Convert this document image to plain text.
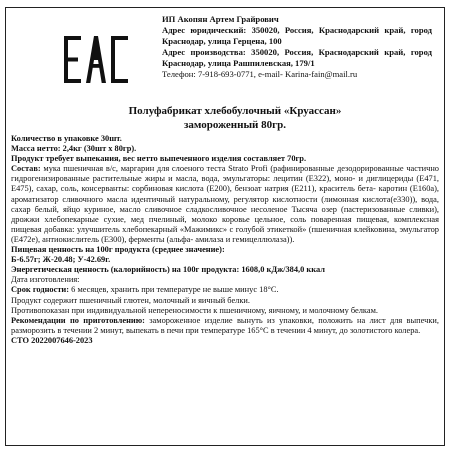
ИП Акопян Артем Грайрович
Адрес юридический: 350020, Россия, Краснодарский край, город Краснодар, улица Герцена, 100
Адрес производства: 350020, Россия, Краснодарский край, город Краснодар, улица Рашпилевская, 179/1
Телефон: 7-918-693-0771, e-mail- Karina-fain@mail.ru
Полуфабрикат хлебобулочный «Круассан»
замороженный 80гр.
Количество в упаковке 30шт.
Масса нетто: 2,4кг (30шт х 80гр).
Продукт требует выпекания, вес нетто выпеченного изделия составляет 70гр.
Состав: мука пшеничная в/с, маргарин для слоеного теста Strato Profi (рафинированные дезодорированные частично гидрогенизированные растительные жиры и масла, вода, эмульгаторы: лецитин (E322), моно- и диглицериды (E471, E475), сахар, соль, консерванты: сорбиновая кислота (E200), бензоат натрия (E211), краситель бета- каротин (E160a), ароматизатор сливочного масла идентичный натуральному, регулятор кислотности (лимонная кислота(e330)), вода, сахар белый, яйцо куриное, масло сливочное сладкосливочное несоленое Тысяча озер (пастеризованные сливки), дрожжи хлебопекарные сухие, мед пчелиный, молоко коровье цельное, соль поваренная пищевая, комплексная пищевая добавка: улучшитель хлебопекарный «Мажимикс» с голубой этикеткой» (пшеничная клейковина, эмульгатор (E472e), антиокислитель (E300), ферменты (альфа- амилаза и гемицеллюлаза)).
Пищевая ценность на 100г продукта (среднее значение):
Б-6.57г; Ж-20.48; У-42.69г.
Энергетическая ценность (калорийность) на 100г продукта: 1608,0 кДж/384,0 ккал
Дата изготовления:
Срок годности: 6 месяцев, хранить при температуре не выше минус 18°С.
Продукт содержит пшеничный глютен, молочный и яичный белки.
Противопоказан при индивидуальной непереносимости к пшеничному, яичному, и молочному белкам.
Рекомендации по приготовлению: замороженное изделие вынуть из упаковки, положить на лист для выпечки, разморозить в течении 2 минут, выпекать в печи при температуре 165°С в течении 4 минут, до золотистого колера.
СТО 2022007646-2023
